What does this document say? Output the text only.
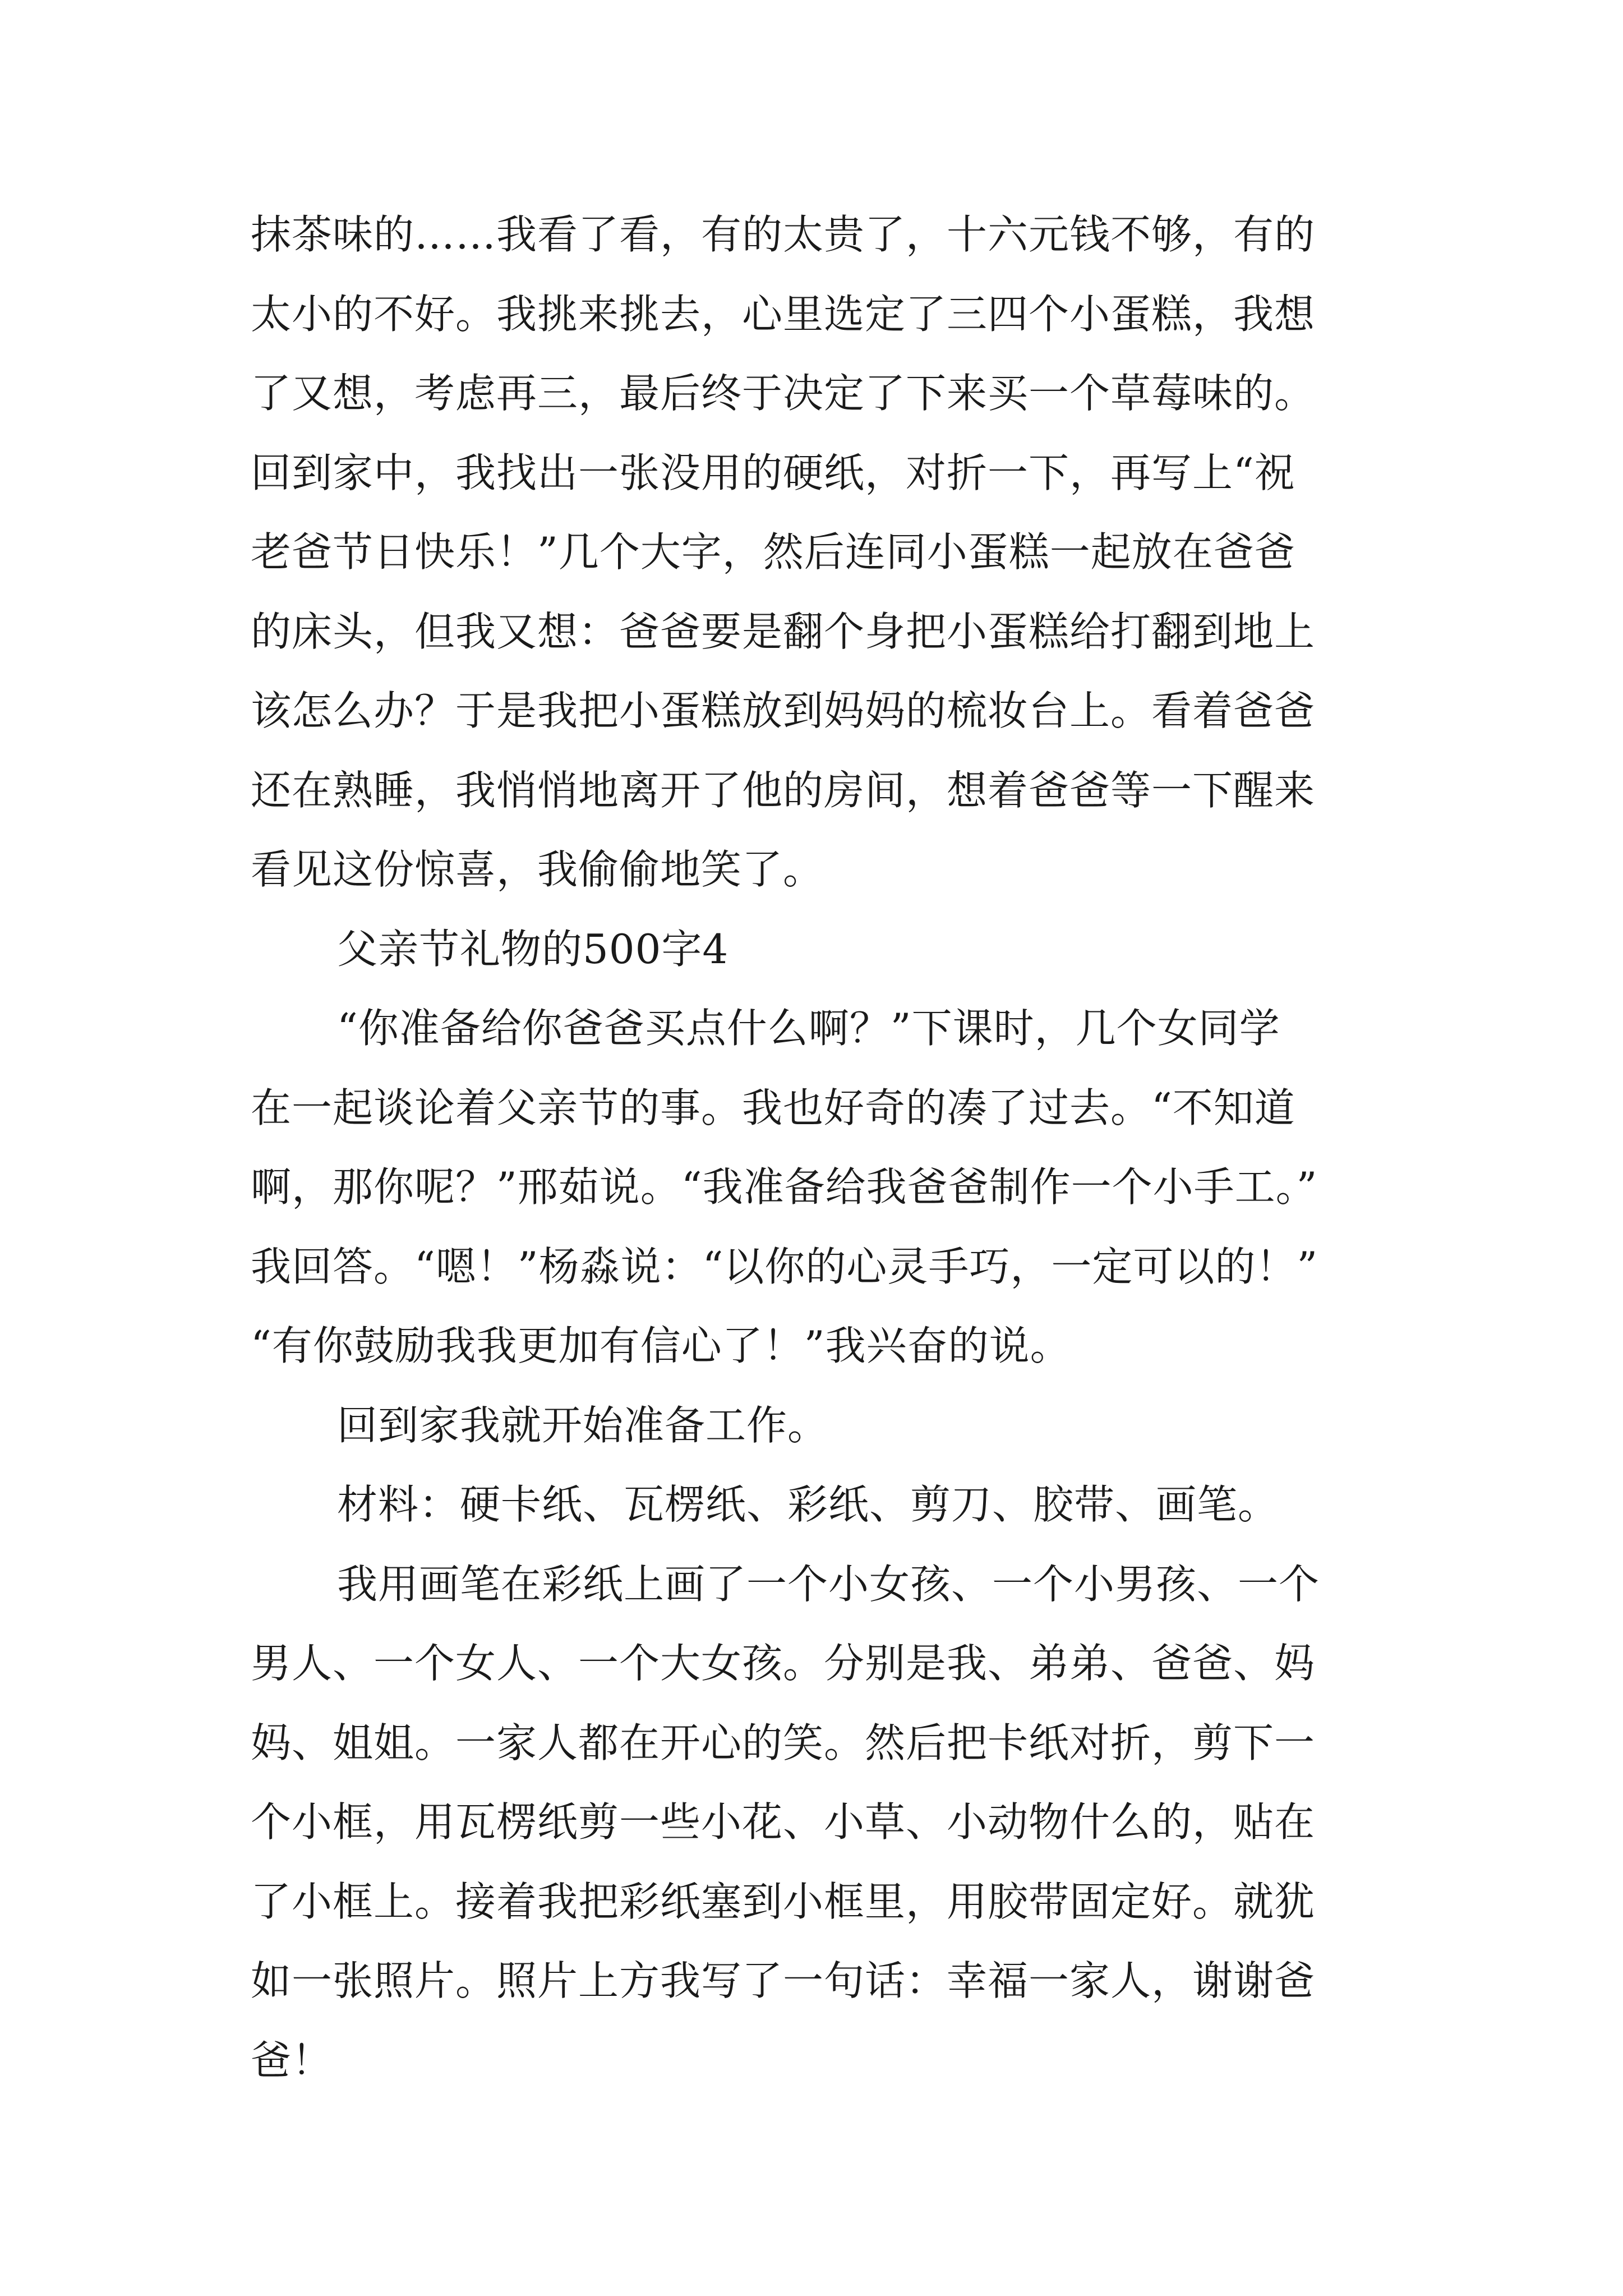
抹茶味的……我看了看，有的太贵了，十六元钱不够，有的
太小的不好。我挑来挑去，心里选定了三四个小蛋糕，我想
了又想，考虑再三，最后终于决定了下来买一个草莓味的。
回到家中，我找出一张没用的硬纸，对折一下，再写上“祝
老爸节日快乐！”几个大字，然后连同小蛋糕一起放在爸爸
的床头，但我又想：爸爸要是翻个身把小蛋糕给打翻到地上
该怎么办？于是我把小蛋糕放到妈妈的梳妆台上。看着爸爸
还在熟睡，我悄悄地离开了他的房间，想着爸爸等一下醒来
看见这份惊喜，我偷偷地笑了。
父亲节礼物的500字4
“你准备给你爸爸买点什么啊？”下课时，几个女同学
在一起谈论着父亲节的事。我也好奇的凑了过去。“不知道
啊，那你呢？”邢茹说。“我准备给我爸爸制作一个小手工。”
我回答。“嗯！”杨淼说：“以你的心灵手巧，一定可以的！”
“有你鼓励我我更加有信心了！”我兴奋的说。
回到家我就开始准备工作。
材料：硬卡纸、瓦楞纸、彩纸、剪刀、胶带、画笔。
我用画笔在彩纸上画了一个小女孩、一个小男孩、一个
男人、一个女人、一个大女孩。分别是我、弟弟、爸爸、妈
妈、姐姐。一家人都在开心的笑。然后把卡纸对折，剪下一
个小框，用瓦楞纸剪一些小花、小草、小动物什么的，贴在
了小框上。接着我把彩纸塞到小框里，用胶带固定好。就犹
如一张照片。照片上方我写了一句话：幸福一家人，谢谢爸
爸！
